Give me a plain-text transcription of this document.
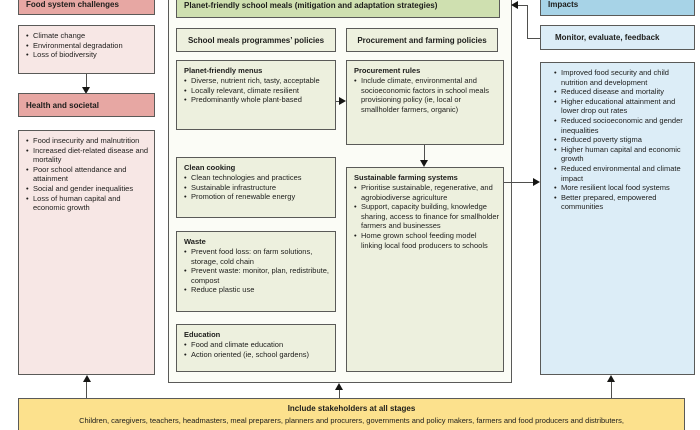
Food system challenges
• Climate change
• Environmental degradation
• Loss of biodiversity
Health and societal
• Food insecurity and malnutrition
• Increased diet-related disease and mortality
• Poor school attendance and attainment
• Social and gender inequalities
• Loss of human capital and economic growth
Planet-friendly school meals (mitigation and adaptation strategies)
School meals programmes’ policies	Procurement and farming policies
Planet-friendly menus
• Diverse, nutrient rich, tasty, acceptable
• Locally relevant, climate resilient
• Predominantly whole plant-based
Clean cooking
• Clean technologies and practices
• Sustainable infrastructure
• Promotion of renewable energy
Waste
• Prevent food loss: on farm solutions, storage, cold chain
• Prevent waste: monitor, plan, redistribute, compost
• Reduce plastic use
Education
• Food and climate education
• Action oriented (ie, school gardens)
Procurement rules
• Include climate, environmental and socioeconomic factors in school meals provisioning policy (ie, local or smallholder farmers, organic)
Sustainable farming systems
• Prioritise sustainable, regenerative, and agrobiodiverse agriculture
• Support, capacity building, knowledge sharing, access to finance for smallholder farmers and businesses
• Home grown school feeding model linking local food producers to schools
Impacts
Monitor, evaluate, feedback
• Improved food security and child nutrition and development
• Reduced disease and mortality
• Higher educational attainment and lower drop out rates
• Reduced socioeconomic and gender inequalities
• Reduced poverty stigma
• Higher human capital and economic growth
• Reduced environmental and climate impact
• More resilient local food systems
• Better prepared, empowered communities
Include stakeholders at all stages
Children, caregivers, teachers, headmasters, meal preparers, planners and procurers, governments and policy makers, farmers and food producers and distributers,
